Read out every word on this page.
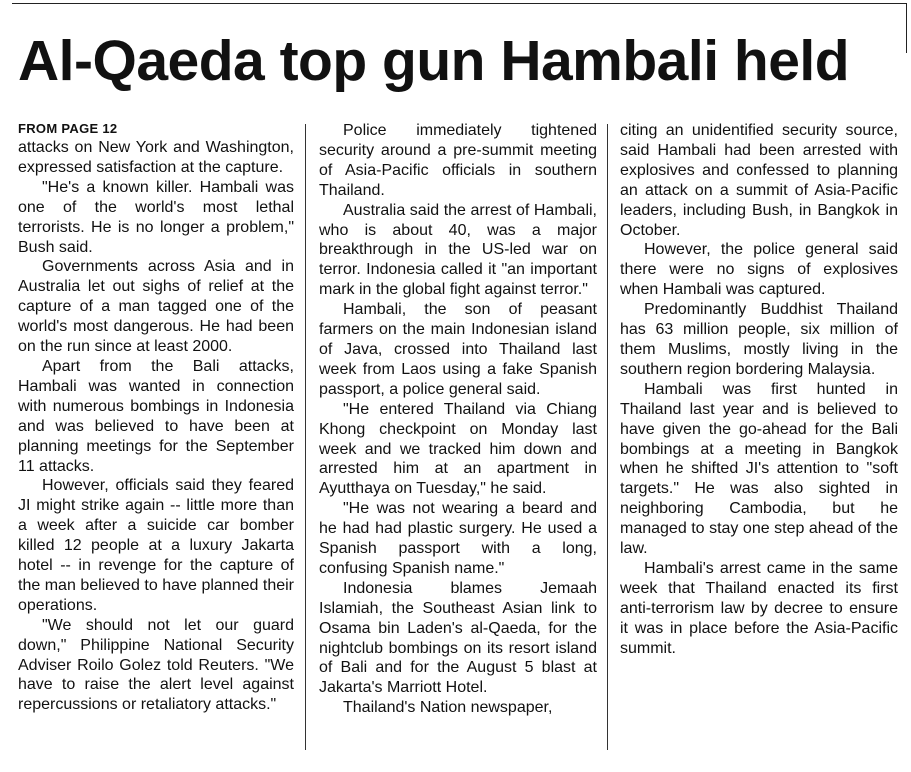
Al-Qaeda top gun Hambali held
FROM PAGE 12

attacks on New York and Washington, expressed satisfaction at the capture.

"He's a known killer. Hambali was one of the world's most lethal terrorists. He is no longer a problem," Bush said.

Governments across Asia and in Australia let out sighs of relief at the capture of a man tagged one of the world's most dangerous. He had been on the run since at least 2000.

Apart from the Bali attacks, Hambali was wanted in connection with numerous bombings in Indonesia and was believed to have been at planning meetings for the September 11 attacks.

However, officials said they feared JI might strike again -- little more than a week after a suicide car bomber killed 12 people at a luxury Jakarta hotel -- in revenge for the capture of the man believed to have planned their operations.

"We should not let our guard down," Philippine National Security Adviser Roilo Golez told Reuters. "We have to raise the alert level against repercussions or retaliatory attacks."

Police immediately tightened security around a pre-summit meeting of Asia-Pacific officials in southern Thailand.

Australia said the arrest of Hambali, who is about 40, was a major breakthrough in the US-led war on terror. Indonesia called it "an important mark in the global fight against terror."

Hambali, the son of peasant farmers on the main Indonesian island of Java, crossed into Thailand last week from Laos using a fake Spanish passport, a police general said.

"He entered Thailand via Chiang Khong checkpoint on Monday last week and we tracked him down and arrested him at an apartment in Ayutthaya on Tuesday," he said.

"He was not wearing a beard and he had had plastic surgery. He used a Spanish passport with a long, confusing Spanish name."

Indonesia blames Jemaah Islamiah, the Southeast Asian link to Osama bin Laden's al-Qaeda, for the nightclub bombings on its resort island of Bali and for the August 5 blast at Jakarta's Marriott Hotel.

Thailand's Nation newspaper,

citing an unidentified security source, said Hambali had been arrested with explosives and confessed to planning an attack on a summit of Asia-Pacific leaders, including Bush, in Bangkok in October.

However, the police general said there were no signs of explosives when Hambali was captured.

Predominantly Buddhist Thailand has 63 million people, six million of them Muslims, mostly living in the southern region bordering Malaysia.

Hambali was first hunted in Thailand last year and is believed to have given the go-ahead for the Bali bombings at a meeting in Bangkok when he shifted JI's attention to "soft targets." He was also sighted in neighboring Cambodia, but he managed to stay one step ahead of the law.

Hambali's arrest came in the same week that Thailand enacted its first anti-terrorism law by decree to ensure it was in place before the Asia-Pacific summit.
